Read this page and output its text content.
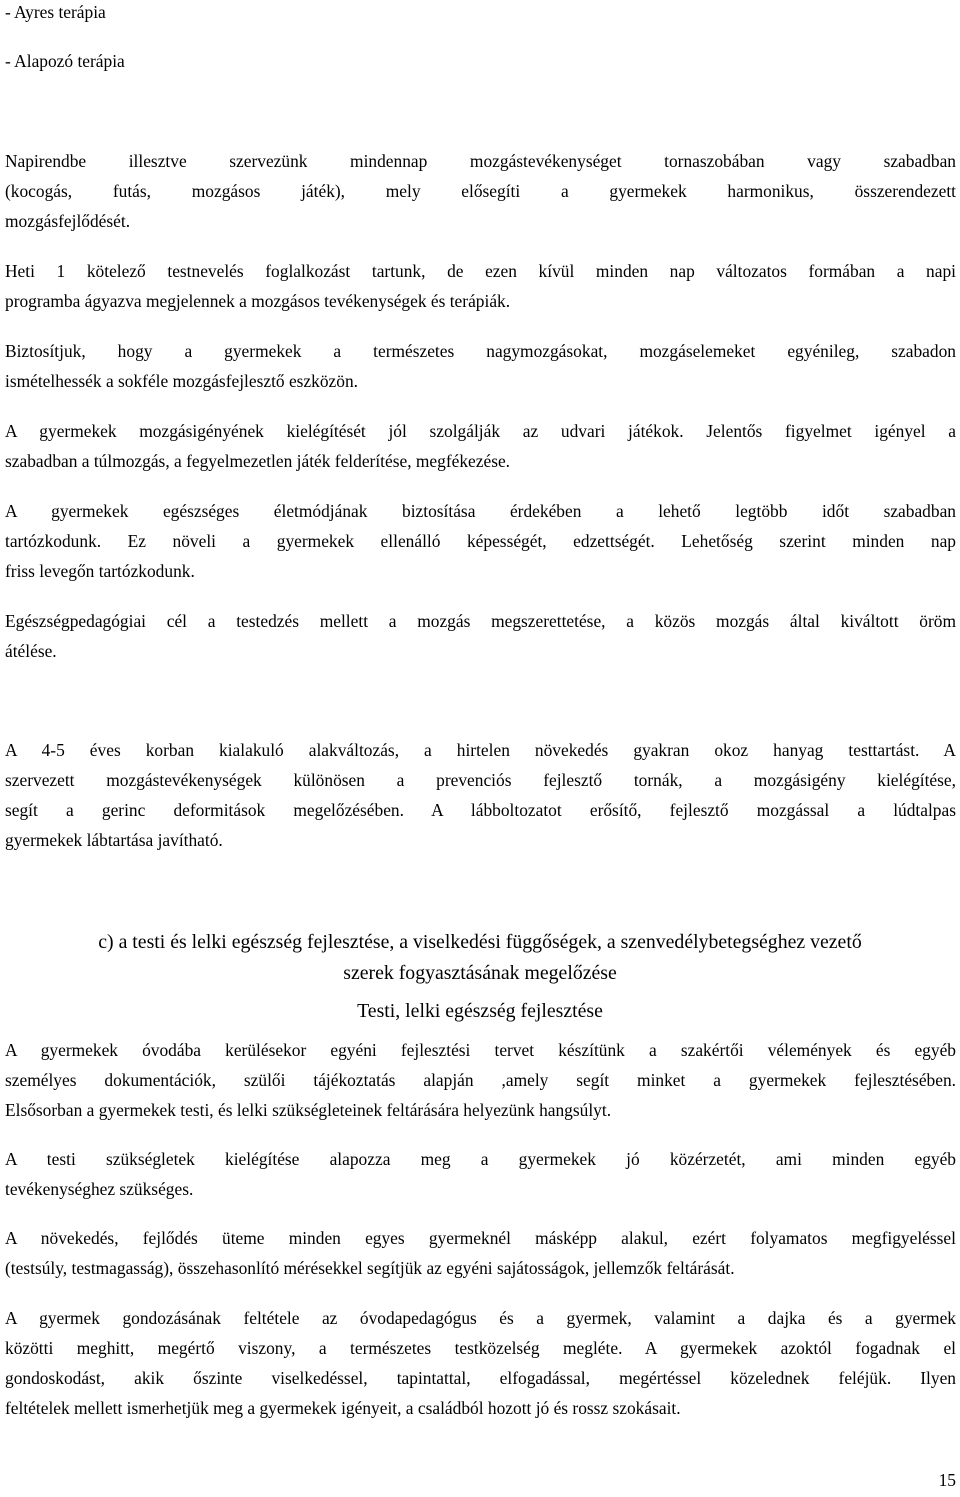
- Ayres terápia
- Alapozó terápia
Napirendbe illesztve szervezünk mindennap mozgástevékenységet tornaszobában vagy szabadban
(kocogás, futás, mozgásos játék), mely elősegíti a gyermekek harmonikus, összerendezett
mozgásfejlődését.
Heti 1 kötelező testnevelés foglalkozást tartunk, de ezen kívül minden nap változatos formában a napi
programba ágyazva megjelennek a mozgásos tevékenységek és terápiák.
Biztosítjuk, hogy a gyermekek a természetes nagymozgásokat, mozgáselemeket egyénileg, szabadon
ismételhessék a sokféle mozgásfejlesztő eszközön.
A gyermekek mozgásigényének kielégítését jól szolgálják az udvari játékok. Jelentős figyelmet igényel a
szabadban a túlmozgás, a fegyelmezetlen játék felderítése, megfékezése.
A gyermekek egészséges életmódjának biztosítása érdekében a lehető legtöbb időt szabadban
tartózkodunk. Ez növeli a gyermekek ellenálló képességét, edzettségét. Lehetőség szerint minden nap
friss levegőn tartózkodunk.
Egészségpedagógiai cél a testedzés mellett a mozgás megszerettetése, a közös mozgás által kiváltott öröm
átélése.
A 4-5 éves korban kialakuló alakváltozás, a hirtelen növekedés gyakran okoz hanyag testtartást. A
szervezett mozgástevékenységek különösen a prevenciós fejlesztő tornák, a mozgásigény kielégítése,
segít a gerinc deformitások megelőzésében. A lábboltozatot erősítő, fejlesztő mozgással a lúdtalpas
gyermekek lábtartása javítható.
c) a testi és lelki egészség fejlesztése, a viselkedési függőségek, a szenvedélybetegséghez vezető
szerek fogyasztásának megelőzése
Testi, lelki egészség fejlesztése
A gyermekek óvodába kerülésekor egyéni fejlesztési tervet készítünk a szakértői vélemények és egyéb
személyes dokumentációk, szülői tájékoztatás alapján ,amely segít minket a gyermekek fejlesztésében.
Elsősorban a gyermekek testi, és lelki szükségleteinek feltárására helyezünk hangsúlyt.
A testi szükségletek kielégítése alapozza meg a gyermekek jó közérzetét, ami minden egyéb
tevékenységhez szükséges.
A növekedés, fejlődés üteme minden egyes gyermeknél másképp alakul, ezért folyamatos megfigyeléssel
(testsúly, testmagasság), összehasonlító mérésekkel segítjük az egyéni sajátosságok, jellemzők feltárását.
A gyermek gondozásának feltétele az óvodapedagógus és a gyermek, valamint a dajka és a gyermek
közötti meghitt, megértő viszony, a természetes testközelség megléte. A gyermekek azoktól fogadnak el
gondoskodást, akik őszinte viselkedéssel, tapintattal, elfogadással, megértéssel közelednek feléjük. Ilyen
feltételek mellett ismerhetjük meg a gyermekek igényeit, a családból hozott jó és rossz szokásait.
15
